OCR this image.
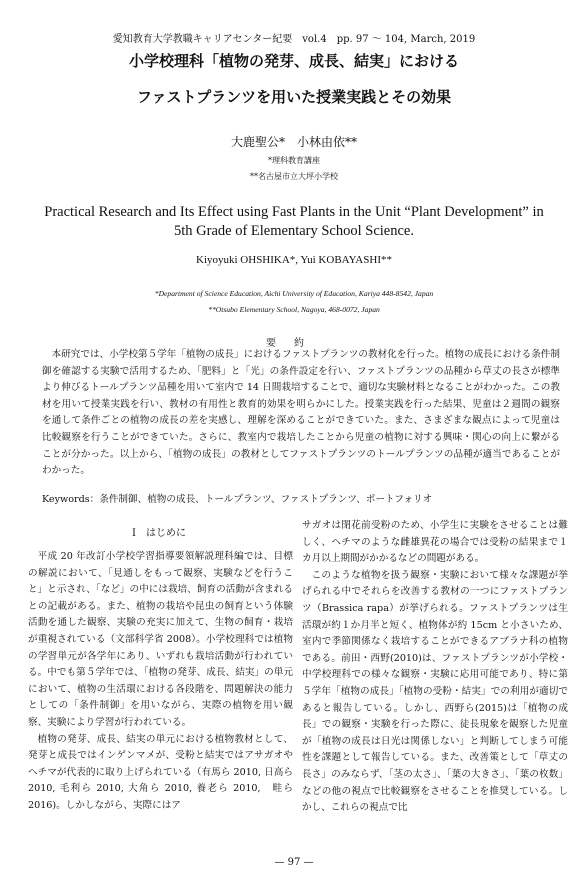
愛知教育大学教職キャリアセンター紀要　vol.4　pp. 97 〜 104, March, 2019
小学校理科「植物の発芽、成長、結実」における
ファストプランツを用いた授業実践とその効果
大鹿聖公*　小林由依**
*理科教育講座
**名古屋市立大坪小学校
Practical Research and Its Effect using Fast Plants in the Unit “Plant Development” in 5th Grade of Elementary School Science.
Kiyoyuki OHSHIKA*, Yui KOBAYASHI**
*Department of Science Education, Aichi University of Education, Kariya 448-8542, Japan
**Otsubo Elementary School, Nagoya, 468-0072, Japan
要約

本研究では、小学校第５学年「植物の成長」におけるファストプランツの教材化を行った。植物の成長における条件制御を確認する実験で活用するため、「肥料」と「光」の条件設定を行い、ファストプランツの品種から草丈の長さが標準より伸びるトールプランツ品種を用いて室内で 14 日間栽培することで、適切な実験材料となることがわかった。この教材を用いて授業実践を行い、教材の有用性と教育的効果を明らかにした。授業実践を行った結果、児童は２週間の観察を通して条件ごとの植物の成長の差を実感し、理解を深めることができていた。また、さまざまな観点によって児童は比較観察を行うことができていた。さらに、教室内で栽培したことから児童の植物に対する興味・関心の向上に繋がることが分かった。以上から、「植物の成長」の教材としてファストプランツのトールプランツの品種が適当であることがわかった。

Keywords：条件制御、植物の成長、トールプランツ、ファストプランツ、ポートフォリオ

Ⅰ　はじめに

平成 20 年改訂小学校学習指導要領解説理科編では、目標の解説において、「見通しをもって観察、実験などを行うこと」と示され、「など」の中には栽培、飼育の活動が含まれるとの記載がある。また、植物の栽培や昆虫の飼育という体験活動を通した観察、実験の充実に加えて、生物の飼育・栽培が重視されている（文部科学省 2008）。小学校理科では植物の学習単元が各学年にあり、いずれも栽培活動が行われている。中でも第５学年では、「植物の発芽、成長、結実」の単元において、植物の生活環における各段階を、問題解決の能力としての「条件制御」を用いながら、実際の植物を用い観察、実験により学習が行われている。

植物の発芽、成長、結実の単元における植物教材として、発芽と成長ではインゲンマメが、受粉と結実ではアサガオやヘチマが代表的に取り上げられている（有馬ら 2010, 日高ら 2010, 毛利ら 2010, 大角ら 2010, 養老ら 2010,　畦ら 2016)。しかしながら、実際にはア

サガオは閉花前受粉のため、小学生に実験をさせることは難しく、ヘチマのような雌雄異花の場合では受粉の結果まで１カ月以上期間がかかるなどの問題がある。

このような植物を扱う観察・実験において様々な課題が挙げられる中でそれらを改善する教材の一つにファストプランツ（Brassica rapa）が挙げられる。ファストプランツは生活環が約１か月半と短く、植物体が約 15cm と小さいため、室内で季節関係なく栽培することができるアブラナ科の植物である。前田・西野(2010)は、ファストプランツが小学校・中学校理科での様々な観察・実験に応用可能であり、特に第５学年「植物の成長」「植物の受粉・結実」での利用が適切であると報告している。しかし、西野ら(2015)は「植物の成長」での観察・実験を行った際に、徒長現象を観察した児童が「植物の成長は日光は関係しない」と判断してしまう可能性を課題として報告している。また、改善策として「草丈の長さ」のみならず、「茎の太さ」、「葉の大きさ」、「葉の枚数」などの他の視点で比較観察をさせることを推奨している。しかし、これらの視点で比

— 97 —
